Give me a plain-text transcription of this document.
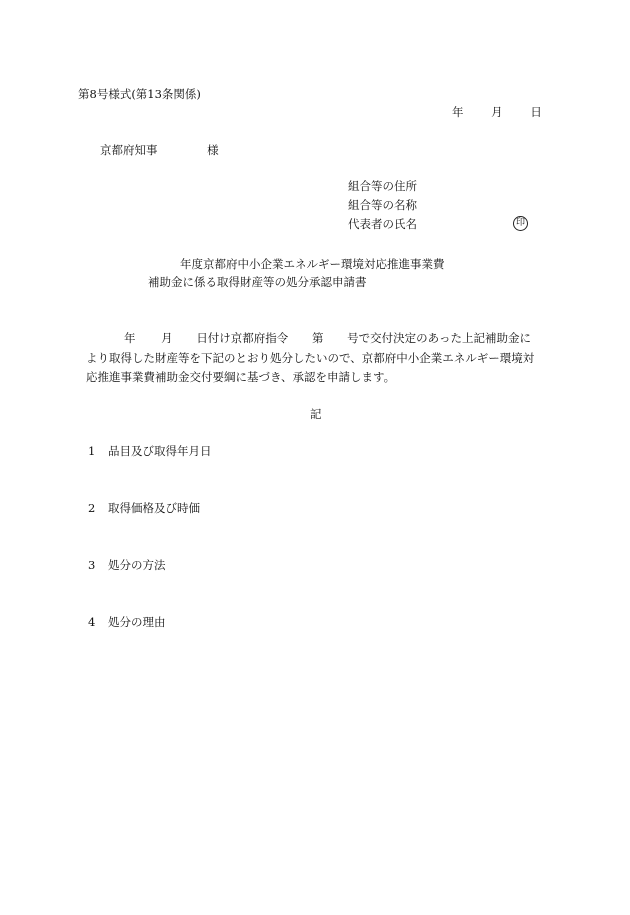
第8号様式(第13条関係)
年 月 日
京都府知事	様
組合等の住所
組合等の名称
代表者の氏名	印
年度京都府中小企業エネルギー環境対応推進事業費
補助金に係る取得財産等の処分承認申請書
年 月 日付け京都府指令 第 号で交付決定のあった上記補助金に
より取得した財産等を下記のとおり処分したいので、京都府中小企業エネルギー環境対
応推進事業費補助金交付要綱に基づき、承認を申請します。
記
1 品目及び取得年月日
2 取得価格及び時価
3 処分の方法
4 処分の理由
